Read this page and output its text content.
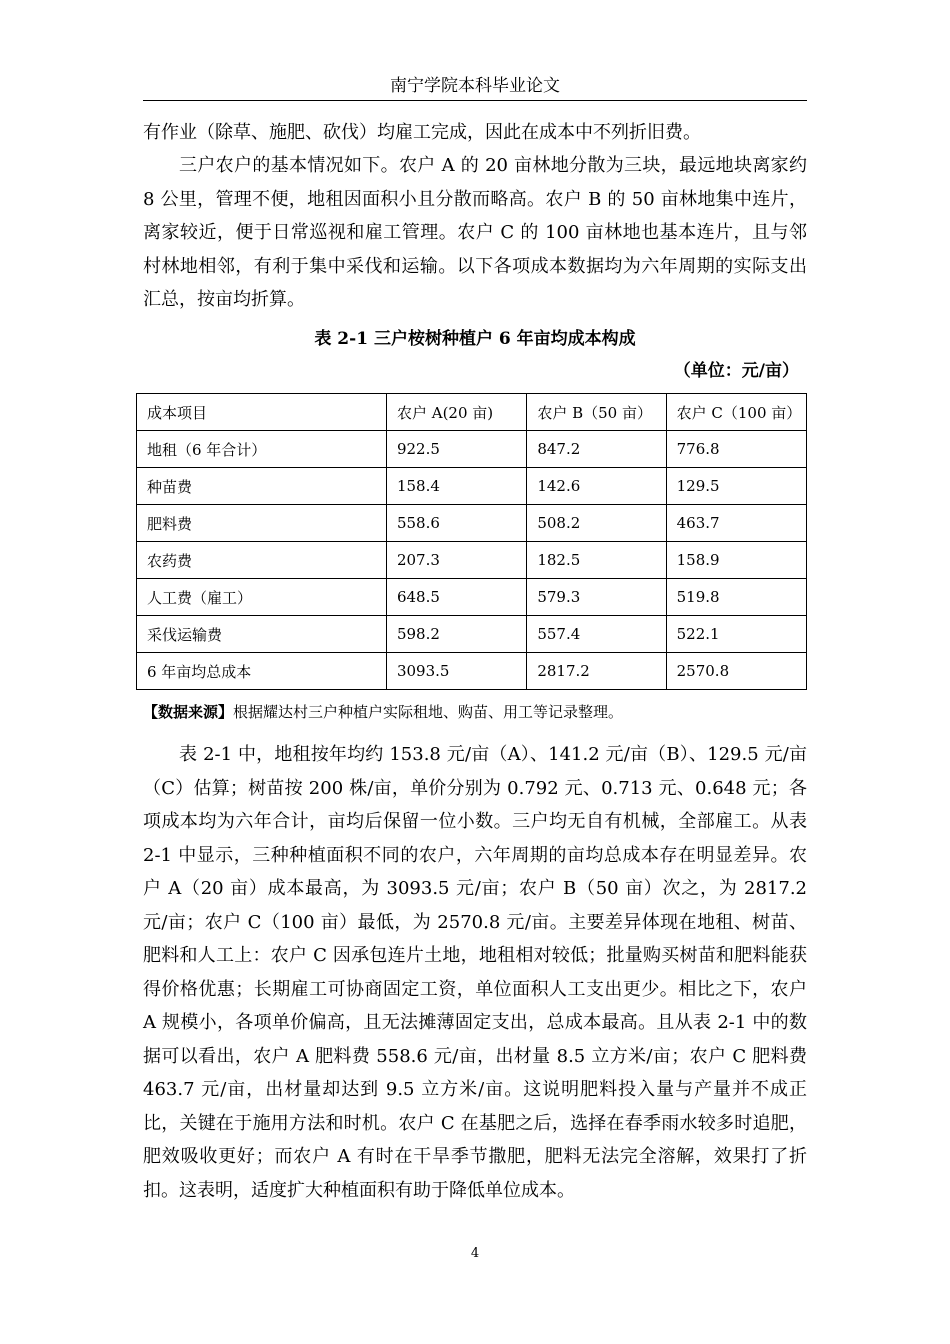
南宁学院本科毕业论文

有作业（除草、施肥、砍伐）均雇工完成，因此在成本中不列折旧费。

三户农户的基本情况如下。农户 A 的 20 亩林地分散为三块，最远地块离家约 8 公里，管理不便，地租因面积小且分散而略高。农户 B 的 50 亩林地集中连片，离家较近，便于日常巡视和雇工管理。农户 C 的 100 亩林地也基本连片，且与邻村林地相邻，有利于集中采伐和运输。以下各项成本数据均为六年周期的实际支出汇总，按亩均折算。

表 2-1 三户桉树种植户 6 年亩均成本构成
（单位：元/亩）
成本项目	农户 A(20 亩)	农户 B（50 亩）	农户 C（100 亩）
地租（6 年合计）	922.5	847.2	776.8
种苗费	158.4	142.6	129.5
肥料费	558.6	508.2	463.7
农药费	207.3	182.5	158.9
人工费（雇工）	648.5	579.3	519.8
采伐运输费	598.2	557.4	522.1
6 年亩均总成本	3093.5	2817.2	2570.8
【数据来源】根据耀达村三户种植户实际租地、购苗、用工等记录整理。

表 2-1 中，地租按年均约 153.8 元/亩（A）、141.2 元/亩（B）、129.5 元/亩（C）估算；树苗按 200 株/亩，单价分别为 0.792 元、0.713 元、0.648 元；各项成本均为六年合计，亩均后保留一位小数。三户均无自有机械，全部雇工。从表 2-1 中显示，三种种植面积不同的农户，六年周期的亩均总成本存在明显差异。农户 A（20 亩）成本最高，为 3093.5 元/亩；农户 B（50 亩）次之，为 2817.2 元/亩；农户 C（100 亩）最低，为 2570.8 元/亩。主要差异体现在地租、树苗、肥料和人工上：农户 C 因承包连片土地，地租相对较低；批量购买树苗和肥料能获得价格优惠；长期雇工可协商固定工资，单位面积人工支出更少。相比之下，农户 A 规模小，各项单价偏高，且无法摊薄固定支出，总成本最高。且从表 2-1 中的数据可以看出，农户 A 肥料费 558.6 元/亩，出材量 8.5 立方米/亩；农户 C 肥料费 463.7 元/亩，出材量却达到 9.5 立方米/亩。这说明肥料投入量与产量并不成正比，关键在于施用方法和时机。农户 C 在基肥之后，选择在春季雨水较多时追肥，肥效吸收更好；而农户 A 有时在干旱季节撒肥，肥料无法完全溶解，效果打了折扣。这表明，适度扩大种植面积有助于降低单位成本。

4
